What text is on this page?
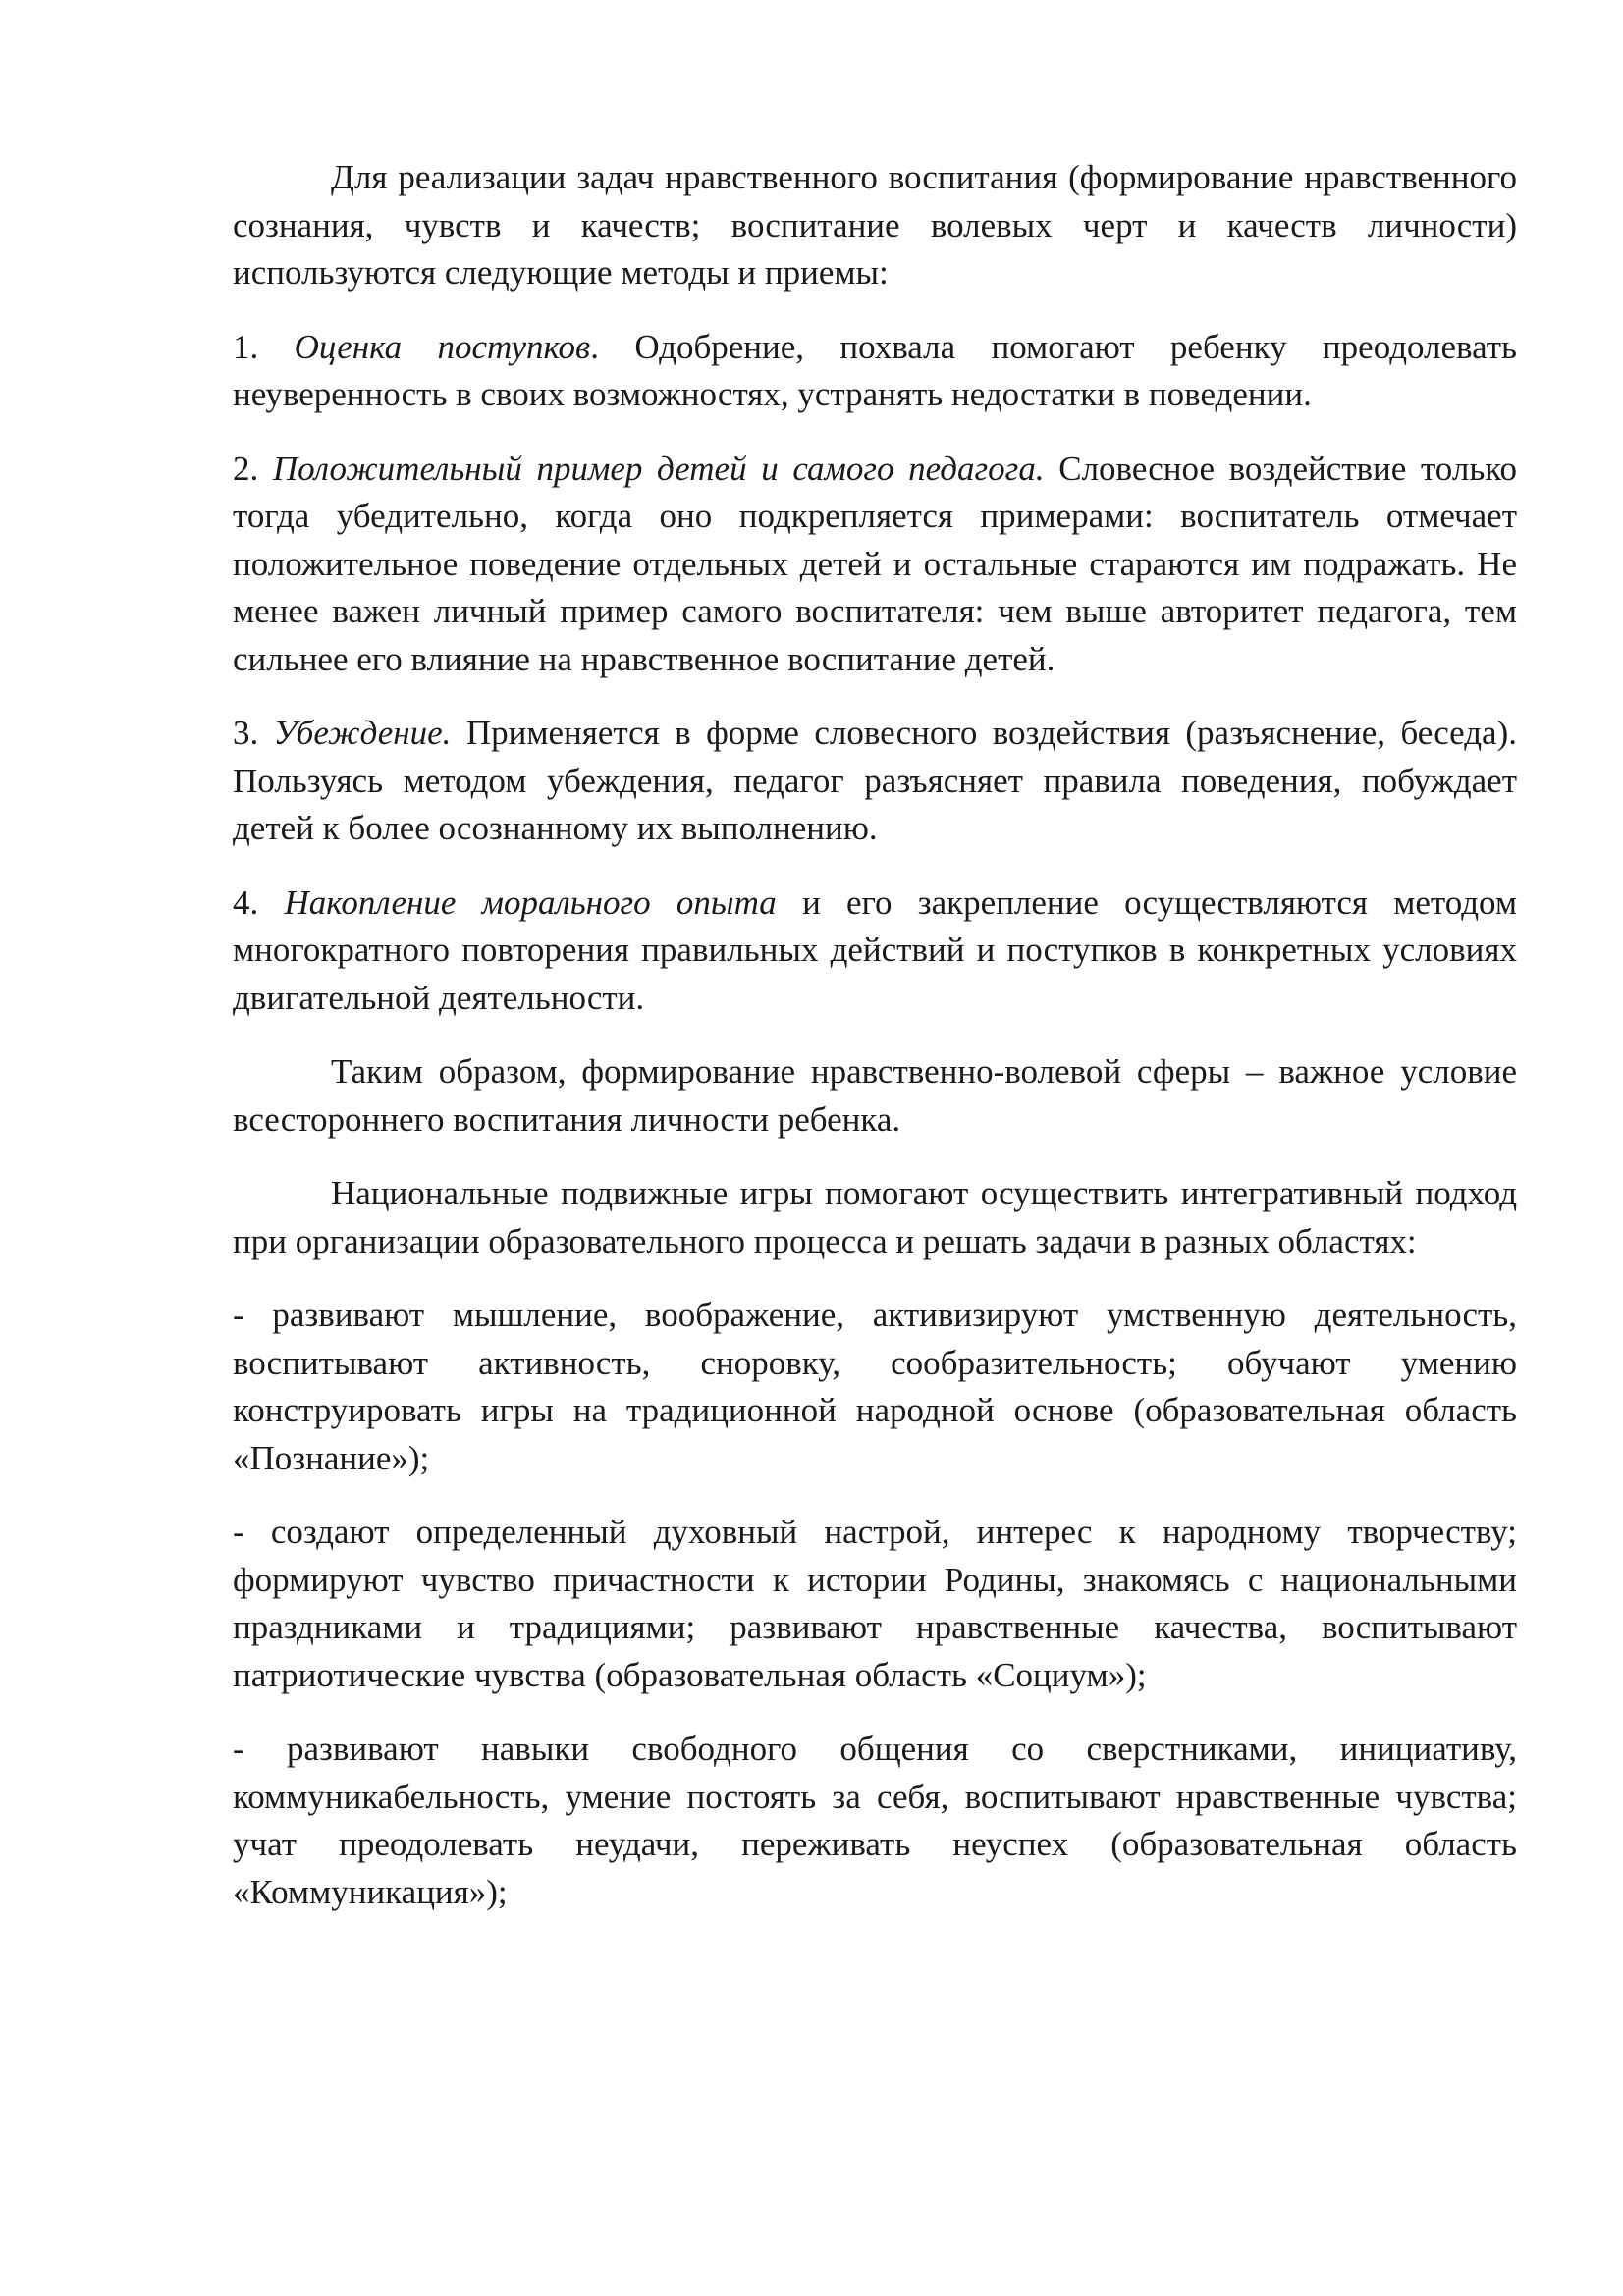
Для реализации задач нравственного воспитания (формирование нравственного сознания, чувств и качеств; воспитание волевых черт и качеств личности) используются следующие методы и приемы:

1. Оценка поступков. Одобрение, похвала помогают ребенку преодолевать неуверенность в своих возможностях, устранять недостатки в поведении.

2. Положительный пример детей и самого педагога. Словесное воздействие только тогда убедительно, когда оно подкрепляется примерами: воспитатель отмечает положительное поведение отдельных детей и остальные стараются им подражать. Не менее важен личный пример самого воспитателя: чем выше авторитет педагога, тем сильнее его влияние на нравственное воспитание детей.

3. Убеждение. Применяется в форме словесного воздействия (разъяснение, беседа). Пользуясь методом убеждения, педагог разъясняет правила поведения, побуждает детей к более осознанному их выполнению.

4. Накопление морального опыта и его закрепление осуществляются методом многократного повторения правильных действий и поступков в конкретных условиях двигательной деятельности.

Таким образом, формирование нравственно-волевой сферы – важное условие всестороннего воспитания личности ребенка.

Национальные подвижные игры помогают осуществить интегративный подход при организации образовательного процесса и решать задачи в разных областях:

- развивают мышление, воображение, активизируют умственную деятельность, воспитывают активность, сноровку, сообразительность; обучают умению конструировать игры на традиционной народной основе (образовательная область «Познание»);

- создают определенный духовный настрой, интерес к народному творчеству; формируют чувство причастности к истории Родины, знакомясь с национальными праздниками и традициями; развивают нравственные качества, воспитывают патриотические чувства (образовательная область «Социум»);

- развивают навыки свободного общения со сверстниками, инициативу, коммуникабельность, умение постоять за себя, воспитывают нравственные чувства; учат преодолевать неудачи, переживать неуспех (образовательная область «Коммуникация»);
